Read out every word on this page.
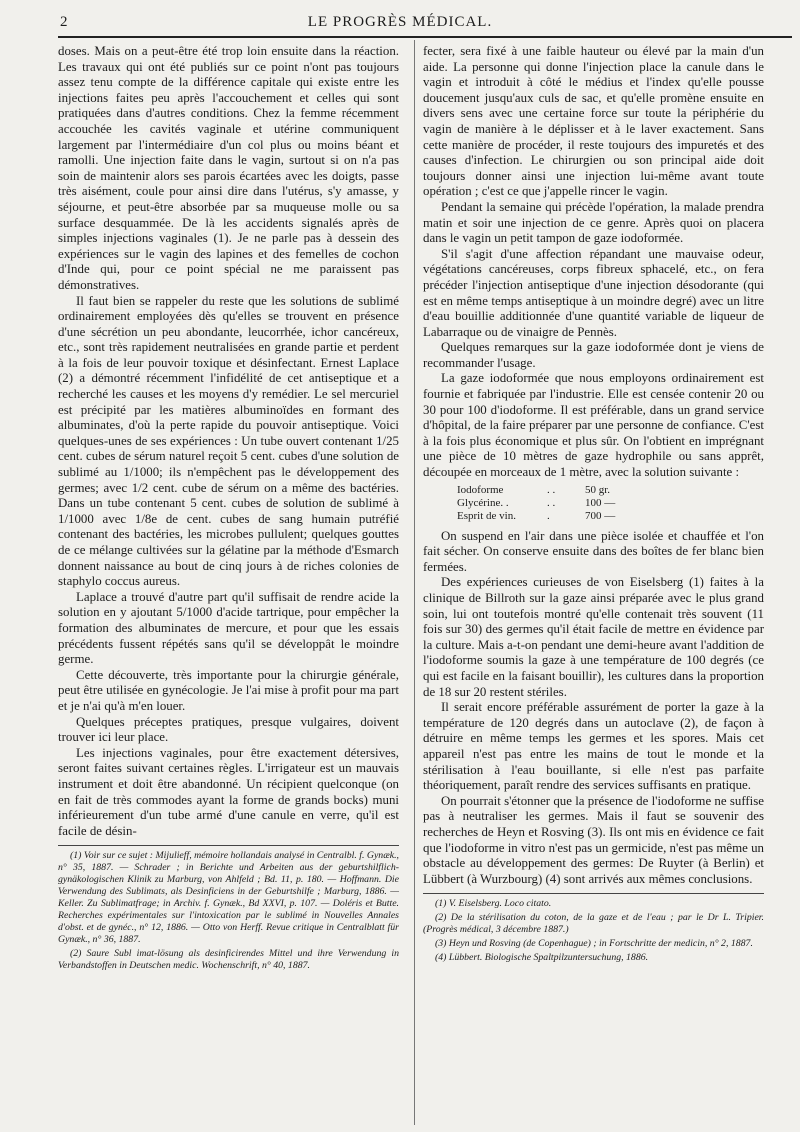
2	LE PROGRÈS MÉDICAL.

doses. Mais on a peut-être été trop loin ensuite dans la réaction. Les travaux qui ont été publiés sur ce point n'ont pas toujours assez tenu compte de la différence capitale qui existe entre les injections faites peu après l'accouchement et celles qui sont pratiquées dans d'autres conditions. Chez la femme récemment accouchée les cavités vaginale et utérine communiquent largement par l'intermédiaire d'un col plus ou moins béant et ramolli. Une injection faite dans le vagin, surtout si on n'a pas soin de maintenir alors ses parois écartées avec les doigts, passe très aisément, coule pour ainsi dire dans l'utérus, s'y amasse, y séjourne, et peut-être absorbée par sa muqueuse molle ou sa surface desquammée. De là les accidents signalés après de simples injections vaginales (1). Je ne parle pas à dessein des expériences sur le vagin des lapines et des femelles de cochon d'Inde qui, pour ce point spécial ne me paraissent pas démonstratives.

Il faut bien se rappeler du reste que les solutions de sublimé ordinairement employées dès qu'elles se trouvent en présence d'une sécrétion un peu abondante, leucorrhée, ichor cancéreux, etc., sont très rapidement neutralisées en grande partie et perdent à la fois de leur pouvoir toxique et désinfectant. Ernest Laplace (2) a démontré récemment l'infidélité de cet antiseptique et a recherché les causes et les moyens d'y remédier. Le sel mercuriel est précipité par les matières albuminoïdes en formant des albuminates, d'où la perte rapide du pouvoir antiseptique. Voici quelques-unes de ses expériences : Un tube ouvert contenant 1/25 cent. cubes de sérum naturel reçoit 5 cent. cubes d'une solution de sublimé au 1/1000; ils n'empêchent pas le développement des germes; avec 1/2 cent. cube de sérum on a même des bactéries. Dans un tube contenant 5 cent. cubes de solution de sublimé à 1/1000 avec 1/8e de cent. cubes de sang humain putréfié contenant des bactéries, les microbes pullulent; quelques gouttes de ce mélange cultivées sur la gélatine par la méthode d'Esmarch donnent naissance au bout de cinq jours à de riches colonies de staphylo coccus aureus.

Laplace a trouvé d'autre part qu'il suffisait de rendre acide la solution en y ajoutant 5/1000 d'acide tartrique, pour empêcher la formation des albuminates de mercure, et pour que les essais précédents fussent répétés sans qu'il se développât le moindre germe.

Cette découverte, très importante pour la chirurgie générale, peut être utilisée en gynécologie. Je l'ai mise à profit pour ma part et je n'ai qu'à m'en louer.

Quelques préceptes pratiques, presque vulgaires, doivent trouver ici leur place.

Les injections vaginales, pour être exactement détersives, seront faites suivant certaines règles. L'irrigateur est un mauvais instrument et doit être abandonné. Un récipient quelconque (on en fait de très commodes ayant la forme de grands bocks) muni inférieurement d'un tube armé d'une canule en verre, qu'il est facile de désin-

(1) Voir sur ce sujet : Mijulieff, mémoire hollandais analysé in Centralbl. f. Gynæk., n° 35, 1887. — Schrader ; in Berichte und Arbeiten aus der geburtshilflich-gynäkologischen Klinik zu Marburg, von Ahlfeld ; Bd. 11, p. 180. — Hoffmann. Die Verwendung des Sublimats, als Desinficiens in der Geburtshilfe ; Marburg, 1886. — Keller. Zu Sublimatfrage; in Archiv. f. Gynæk., Bd XXVI, p. 107. — Doléris et Butte. Recherches expérimentales sur l'intoxication par le sublimé in Nouvelles Annales d'obst. et de gynéc., n° 12, 1886. — Otto von Herff. Revue critique in Centralblatt für Gynæk., n° 36, 1887.

(2) Saure Subl imat-lösung als desinficirendes Mittel und ihre Verwendung in Verbandstoffen in Deutschen medic. Wochenschrift, n° 40, 1887.

fecter, sera fixé à une faible hauteur ou élevé par la main d'un aide. La personne qui donne l'injection place la canule dans le vagin et introduit à côté le médius et l'index qu'elle pousse doucement jusqu'aux culs de sac, et qu'elle promène ensuite en divers sens avec une certaine force sur toute la périphérie du vagin de manière à le déplisser et à le laver exactement. Sans cette manière de procéder, il reste toujours des impuretés et des causes d'infection. Le chirurgien ou son principal aide doit toujours donner ainsi une injection lui-même avant toute opération ; c'est ce que j'appelle rincer le vagin.

Pendant la semaine qui précède l'opération, la malade prendra matin et soir une injection de ce genre. Après quoi on placera dans le vagin un petit tampon de gaze iodoformée.

S'il s'agit d'une affection répandant une mauvaise odeur, végétations cancéreuses, corps fibreux sphacelé, etc., on fera précéder l'injection antiseptique d'une injection désodorante (qui est en même temps antiseptique à un moindre degré) avec un litre d'eau bouillie additionnée d'une quantité variable de liqueur de Labarraque ou de vinaigre de Pennès.

Quelques remarques sur la gaze iodoformée dont je viens de recommander l'usage.

La gaze iodoformée que nous employons ordinairement est fournie et fabriquée par l'industrie. Elle est censée contenir 20 ou 30 pour 100 d'iodoforme. Il est préférable, dans un grand service d'hôpital, de la faire préparer par une personne de confiance. C'est à la fois plus économique et plus sûr. On l'obtient en imprégnant une pièce de 10 mètres de gaze hydrophile ou sans apprêt, découpée en morceaux de 1 mètre, avec la solution suivante :

Iodoforme	. .	50 gr.
Glycérine. .	. .	100 —
Esprit de vin.	.	700 —

On suspend en l'air dans une pièce isolée et chauffée et l'on fait sécher. On conserve ensuite dans des boîtes de fer blanc bien fermées.

Des expériences curieuses de von Eiselsberg (1) faites à la clinique de Billroth sur la gaze ainsi préparée avec le plus grand soin, lui ont toutefois montré qu'elle contenait très souvent (11 fois sur 30) des germes qu'il était facile de mettre en évidence par la culture. Mais a-t-on pendant une demi-heure avant l'addition de l'iodoforme soumis la gaze à une température de 100 degrés (ce qui est facile en la faisant bouillir), les cultures dans la proportion de 18 sur 20 restent stériles.

Il serait encore préférable assurément de porter la gaze à la température de 120 degrés dans un autoclave (2), de façon à détruire en même temps les germes et les spores. Mais cet appareil n'est pas entre les mains de tout le monde et la stérilisation à l'eau bouillante, si elle n'est pas parfaite théoriquement, paraît rendre des services suffisants en pratique.

On pourrait s'étonner que la présence de l'iodoforme ne suffise pas à neutraliser les germes. Mais il faut se souvenir des recherches de Heyn et Rosving (3). Ils ont mis en évidence ce fait que l'iodoforme in vitro n'est pas un germicide, n'est pas même un obstacle au développement des germes: De Ruyter (à Berlin) et Lübbert (à Wurzbourg) (4) sont arrivés aux mêmes conclusions.

(1) V. Eiselsberg. Loco citato.

(2) De la stérilisation du coton, de la gaze et de l'eau ; par le Dr L. Tripier. (Progrès médical, 3 décembre 1887.)

(3) Heyn und Rosving (de Copenhague) ; in Fortschritte der medicin, n° 2, 1887.

(4) Lübbert. Biologische Spaltpilzuntersuchung, 1886.
